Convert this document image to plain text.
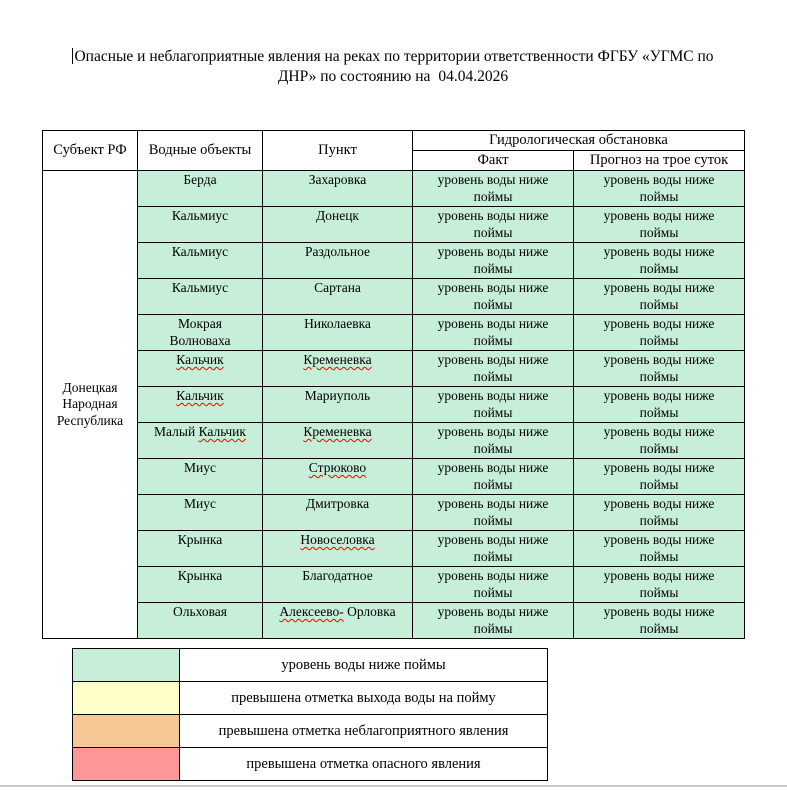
Опасные и неблагоприятные явления на реках по территории ответственности ФГБУ «УГМС по
ДНР» по состоянию на 04.04.2026
Субъект РФ	Водные объекты	Пункт	Гидрологическая обстановка	
			Факт	Прогноз на трое суток
Донецкая Народная Республика	Берда	Захаровка	уровень воды ниже поймы	уровень воды ниже поймы
	Кальмиус	Донецк	уровень воды ниже поймы	уровень воды ниже поймы
	Кальмиус	Раздольное	уровень воды ниже поймы	уровень воды ниже поймы
	Кальмиус	Сартана	уровень воды ниже поймы	уровень воды ниже поймы
	Мокрая Волноваха	Николаевка	уровень воды ниже поймы	уровень воды ниже поймы
	Кальчик	Кременевка	уровень воды ниже поймы	уровень воды ниже поймы
	Кальчик	Мариуполь	уровень воды ниже поймы	уровень воды ниже поймы
	Малый Кальчик	Кременевка	уровень воды ниже поймы	уровень воды ниже поймы
	Миус	Стрюково	уровень воды ниже поймы	уровень воды ниже поймы
	Миус	Дмитровка	уровень воды ниже поймы	уровень воды ниже поймы
	Крынка	Новоселовка	уровень воды ниже поймы	уровень воды ниже поймы
	Крынка	Благодатное	уровень воды ниже поймы	уровень воды ниже поймы
	Ольховая	Алексеево- Орловка	уровень воды ниже поймы	уровень воды ниже поймы
	уровень воды ниже поймы
	превышена отметка выхода воды на пойму
	превышена отметка неблагоприятного явления
	превышена отметка опасного явления
